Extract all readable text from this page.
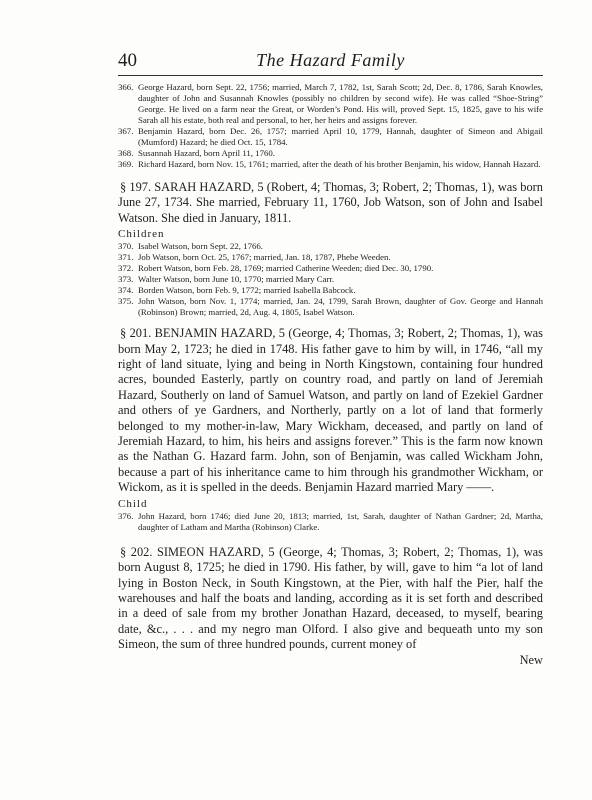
40	The Hazard Family

366. George Hazard, born Sept. 22, 1756; married, March 7, 1782, 1st, Sarah Scott; 2d, Dec. 8, 1786, Sarah Knowles, daughter of John and Susannah Knowles (possibly no children by second wife). He was called “Shoe-String” George. He lived on a farm near the Great, or Worden’s Pond. His will, proved Sept. 15, 1825, gave to his wife Sarah all his estate, both real and personal, to her, her heirs and assigns forever.

367. Benjamin Hazard, born Dec. 26, 1757; married April 10, 1779, Hannah, daughter of Simeon and Abigail (Mumford) Hazard; he died Oct. 15, 1784.

368. Susannah Hazard, born April 11, 1760.

369. Richard Hazard, born Nov. 15, 1761; married, after the death of his brother Benjamin, his widow, Hannah Hazard.

§ 197. SARAH HAZARD, 5 (Robert, 4; Thomas, 3; Robert, 2; Thomas, 1), was born June 27, 1734. She married, February 11, 1760, Job Watson, son of John and Isabel Watson. She died in January, 1811.

Children

370. Isabel Watson, born Sept. 22, 1766.

371. Job Watson, born Oct. 25, 1767; married, Jan. 18, 1787, Phebe Weeden.

372. Robert Watson, born Feb. 28, 1769; married Catherine Weeden; died Dec. 30, 1790.

373. Walter Watson, born June 10, 1770; married Mary Carr.

374. Borden Watson, born Feb. 9, 1772; married Isabella Babcock.

375. John Watson, born Nov. 1, 1774; married, Jan. 24, 1799, Sarah Brown, daughter of Gov. George and Hannah (Robinson) Brown; married, 2d, Aug. 4, 1805, Isabel Watson.

§ 201. BENJAMIN HAZARD, 5 (George, 4; Thomas, 3; Robert, 2; Thomas, 1), was born May 2, 1723; he died in 1748. His father gave to him by will, in 1746, “all my right of land situate, lying and being in North Kingstown, containing four hundred acres, bounded Easterly, partly on country road, and partly on land of Jeremiah Hazard, Southerly on land of Samuel Watson, and partly on land of Ezekiel Gardner and others of ye Gardners, and Northerly, partly on a lot of land that formerly belonged to my mother-in-law, Mary Wickham, deceased, and partly on land of Jeremiah Hazard, to him, his heirs and assigns forever.” This is the farm now known as the Nathan G. Hazard farm. John, son of Benjamin, was called Wickham John, because a part of his inheritance came to him through his grandmother Wickham, or Wickom, as it is spelled in the deeds. Benjamin Hazard married Mary ——.

Child

376. John Hazard, born 1746; died June 20, 1813; married, 1st, Sarah, daughter of Nathan Gardner; 2d, Martha, daughter of Latham and Martha (Robinson) Clarke.

§ 202. SIMEON HAZARD, 5 (George, 4; Thomas, 3; Robert, 2; Thomas, 1), was born August 8, 1725; he died in 1790. His father, by will, gave to him “a lot of land lying in Boston Neck, in South Kingstown, at the Pier, with half the Pier, half the warehouses and half the boats and landing, according as it is set forth and described in a deed of sale from my brother Jonathan Hazard, deceased, to myself, bearing date, &c., . . . and my negro man Olford. I also give and bequeath unto my son Simeon, the sum of three hundred pounds, current money of

New
